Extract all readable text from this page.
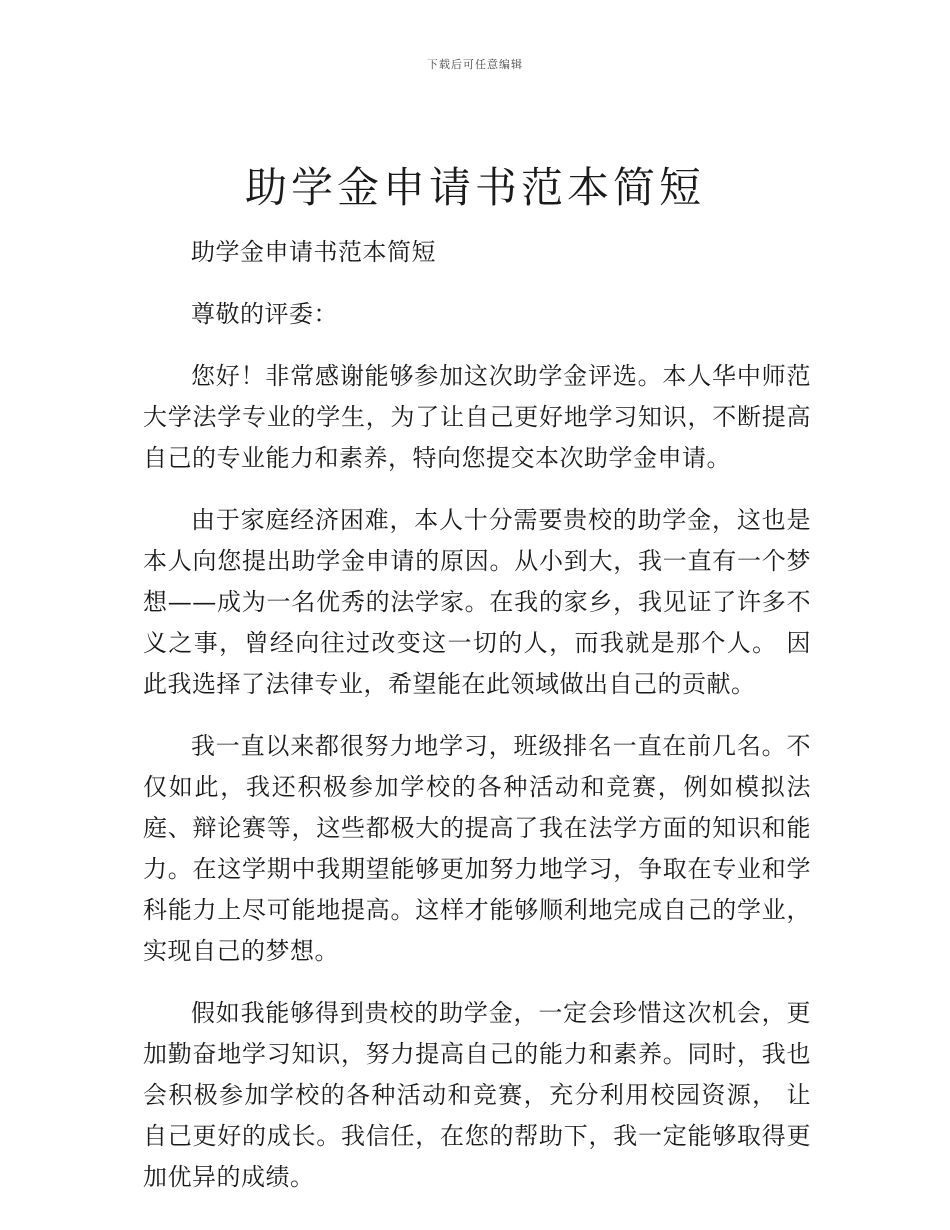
下载后可任意编辑
助学金申请书范本简短

助学金申请书范本简短

尊敬的评委：

您好！非常感谢能够参加这次助学金评选。本人华中师范大学法学专业的学生，为了让自己更好地学习知识，不断提高自己的专业能力和素养，特向您提交本次助学金申请。

由于家庭经济困难，本人十分需要贵校的助学金，这也是本人向您提出助学金申请的原因。从小到大，我一直有一个梦想——成为一名优秀的法学家。在我的家乡，我见证了许多不义之事，曾经向往过改变这一切的人，而我就是那个人。 因此我选择了法律专业，希望能在此领域做出自己的贡献。

我一直以来都很努力地学习，班级排名一直在前几名。不仅如此，我还积极参加学校的各种活动和竞赛，例如模拟法庭、辩论赛等，这些都极大的提高了我在法学方面的知识和能力。在这学期中我期望能够更加努力地学习，争取在专业和学科能力上尽可能地提高。这样才能够顺利地完成自己的学业，实现自己的梦想。

假如我能够得到贵校的助学金，一定会珍惜这次机会，更加勤奋地学习知识，努力提高自己的能力和素养。同时，我也会积极参加学校的各种活动和竞赛，充分利用校园资源， 让自己更好的成长。我信任，在您的帮助下，我一定能够取得更加优异的成绩。
